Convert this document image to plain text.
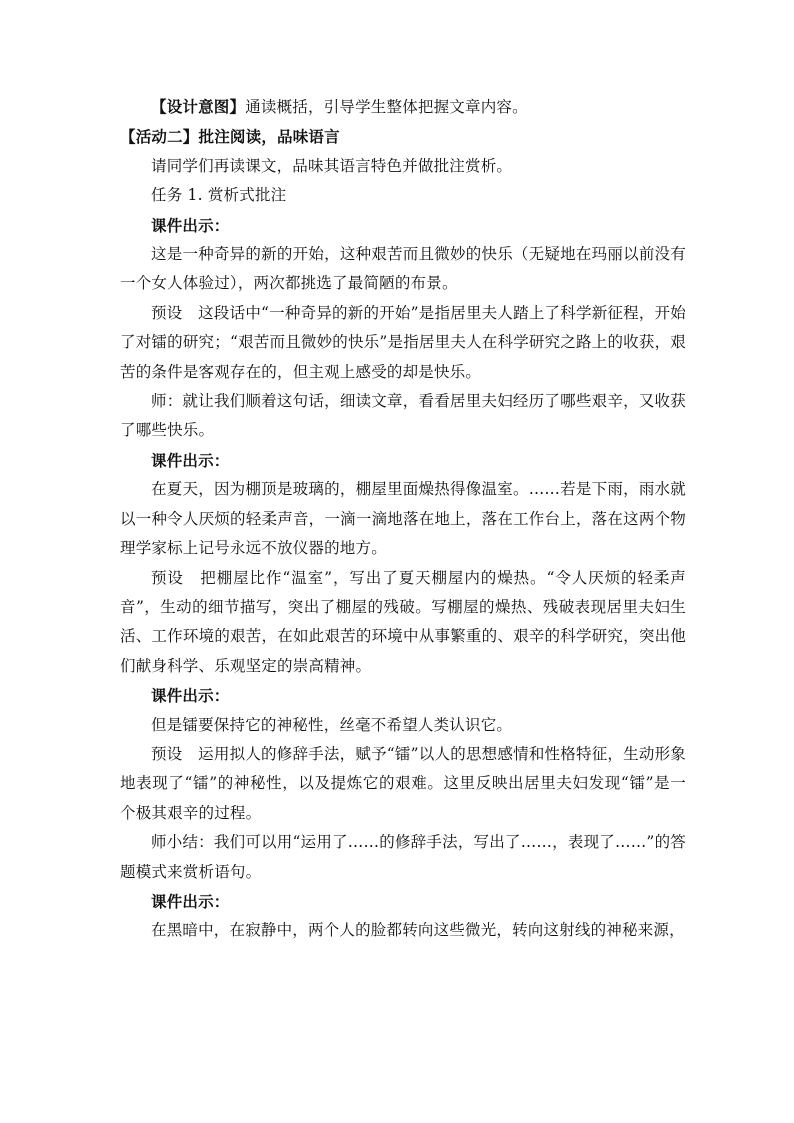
【设计意图】通读概括，引导学生整体把握文章内容。

【活动二】批注阅读，品味语言

请同学们再读课文，品味其语言特色并做批注赏析。

任务 1. 赏析式批注

课件出示：

这是一种奇异的新的开始，这种艰苦而且微妙的快乐（无疑地在玛丽以前没有一个女人体验过），两次都挑选了最简陋的布景。

预设　这段话中“一种奇异的新的开始”是指居里夫人踏上了科学新征程，开始了对镭的研究；“艰苦而且微妙的快乐”是指居里夫人在科学研究之路上的收获，艰苦的条件是客观存在的，但主观上感受的却是快乐。

师：就让我们顺着这句话，细读文章，看看居里夫妇经历了哪些艰辛，又收获了哪些快乐。

课件出示：

在夏天，因为棚顶是玻璃的，棚屋里面燥热得像温室。……若是下雨，雨水就以一种令人厌烦的轻柔声音，一滴一滴地落在地上，落在工作台上，落在这两个物理学家标上记号永远不放仪器的地方。

预设　把棚屋比作“温室”，写出了夏天棚屋内的燥热。“令人厌烦的轻柔声音”，生动的细节描写，突出了棚屋的残破。写棚屋的燥热、残破表现居里夫妇生活、工作环境的艰苦，在如此艰苦的环境中从事繁重的、艰辛的科学研究，突出他们献身科学、乐观坚定的崇高精神。

课件出示：

但是镭要保持它的神秘性，丝毫不希望人类认识它。

预设　运用拟人的修辞手法，赋予“镭”以人的思想感情和性格特征，生动形象地表现了“镭”的神秘性，以及提炼它的艰难。这里反映出居里夫妇发现“镭”是一个极其艰辛的过程。

师小结：我们可以用“运用了……的修辞手法，写出了……，表现了……”的答题模式来赏析语句。

课件出示：

在黑暗中，在寂静中，两个人的脸都转向这些微光，转向这射线的神秘来源，
